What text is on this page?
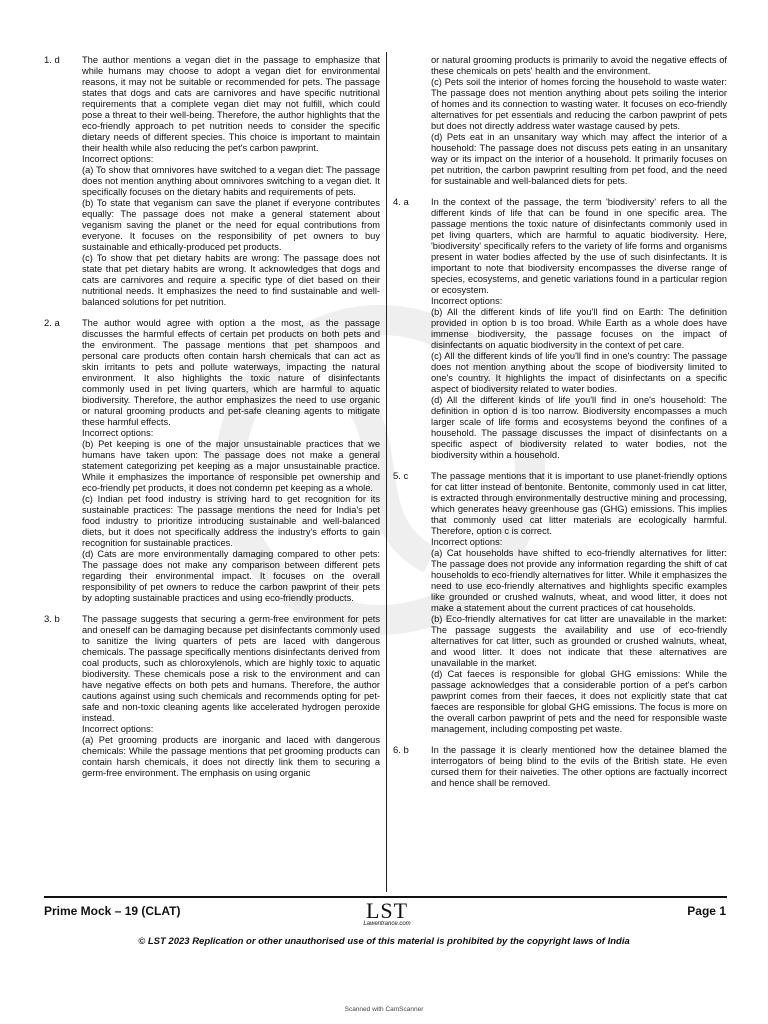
1. d	The author mentions a vegan diet in the passage to emphasize that while humans may choose to adopt a vegan diet for environmental reasons, it may not be suitable or recommended for pets. The passage states that dogs and cats are carnivores and have specific nutritional requirements that a complete vegan diet may not fulfill, which could pose a threat to their well-being. Therefore, the author highlights that the eco-friendly approach to pet nutrition needs to consider the specific dietary needs of different species. This choice is important to maintain their health while also reducing the pet's carbon pawprint.

Incorrect options:

(a) To show that omnivores have switched to a vegan diet: The passage does not mention anything about omnivores switching to a vegan diet. It specifically focuses on the dietary habits and requirements of pets.

(b) To state that veganism can save the planet if everyone contributes equally: The passage does not make a general statement about veganism saving the planet or the need for equal contributions from everyone. It focuses on the responsibility of pet owners to buy sustainable and ethically-produced pet products.

(c) To show that pet dietary habits are wrong: The passage does not state that pet dietary habits are wrong. It acknowledges that dogs and cats are carnivores and require a specific type of diet based on their nutritional needs. It emphasizes the need to find sustainable and well-balanced solutions for pet nutrition.

2. a	The author would agree with option a the most, as the passage discusses the harmful effects of certain pet products on both pets and the environment. The passage mentions that pet shampoos and personal care products often contain harsh chemicals that can act as skin irritants to pets and pollute waterways, impacting the natural environment. It also highlights the toxic nature of disinfectants commonly used in pet living quarters, which are harmful to aquatic biodiversity. Therefore, the author emphasizes the need to use organic or natural grooming products and pet-safe cleaning agents to mitigate these harmful effects.

Incorrect options:

(b) Pet keeping is one of the major unsustainable practices that we humans have taken upon: The passage does not make a general statement categorizing pet keeping as a major unsustainable practice. While it emphasizes the importance of responsible pet ownership and eco-friendly pet products, it does not condemn pet keeping as a whole.

(c) Indian pet food industry is striving hard to get recognition for its sustainable practices: The passage mentions the need for India's pet food industry to prioritize introducing sustainable and well-balanced diets, but it does not specifically address the industry's efforts to gain recognition for sustainable practices.

(d) Cats are more environmentally damaging compared to other pets: The passage does not make any comparison between different pets regarding their environmental impact. It focuses on the overall responsibility of pet owners to reduce the carbon pawprint of their pets by adopting sustainable practices and using eco-friendly products.

3. b	The passage suggests that securing a germ-free environment for pets and oneself can be damaging because pet disinfectants commonly used to sanitize the living quarters of pets are laced with dangerous chemicals. The passage specifically mentions disinfectants derived from coal products, such as chloroxylenols, which are highly toxic to aquatic biodiversity. These chemicals pose a risk to the environment and can have negative effects on both pets and humans. Therefore, the author cautions against using such chemicals and recommends opting for pet-safe and non-toxic cleaning agents like accelerated hydrogen peroxide instead.

Incorrect options:

(a) Pet grooming products are inorganic and laced with dangerous chemicals: While the passage mentions that pet grooming products can contain harsh chemicals, it does not directly link them to securing a germ-free environment. The emphasis on using organic

or natural grooming products is primarily to avoid the negative effects of these chemicals on pets' health and the environment.

(c) Pets soil the interior of homes forcing the household to waste water: The passage does not mention anything about pets soiling the interior of homes and its connection to wasting water. It focuses on eco-friendly alternatives for pet essentials and reducing the carbon pawprint of pets but does not directly address water wastage caused by pets.

(d) Pets eat in an unsanitary way which may affect the interior of a household: The passage does not discuss pets eating in an unsanitary way or its impact on the interior of a household. It primarily focuses on pet nutrition, the carbon pawprint resulting from pet food, and the need for sustainable and well-balanced diets for pets.

4. a	In the context of the passage, the term 'biodiversity' refers to all the different kinds of life that can be found in one specific area. The passage mentions the toxic nature of disinfectants commonly used in pet living quarters, which are harmful to aquatic biodiversity. Here, 'biodiversity' specifically refers to the variety of life forms and organisms present in water bodies affected by the use of such disinfectants. It is important to note that biodiversity encompasses the diverse range of species, ecosystems, and genetic variations found in a particular region or ecosystem.

Incorrect options:

(b) All the different kinds of life you'll find on Earth: The definition provided in option b is too broad. While Earth as a whole does have immense biodiversity, the passage focuses on the impact of disinfectants on aquatic biodiversity in the context of pet care.

(c) All the different kinds of life you'll find in one's country: The passage does not mention anything about the scope of biodiversity limited to one's country. It highlights the impact of disinfectants on a specific aspect of biodiversity related to water bodies.

(d) All the different kinds of life you'll find in one's household: The definition in option d is too narrow. Biodiversity encompasses a much larger scale of life forms and ecosystems beyond the confines of a household. The passage discusses the impact of disinfectants on a specific aspect of biodiversity related to water bodies, not the biodiversity within a household.

5. c	The passage mentions that it is important to use planet-friendly options for cat litter instead of bentonite. Bentonite, commonly used in cat litter, is extracted through environmentally destructive mining and processing, which generates heavy greenhouse gas (GHG) emissions. This implies that commonly used cat litter materials are ecologically harmful. Therefore, option c is correct.

Incorrect options:

(a) Cat households have shifted to eco-friendly alternatives for litter: The passage does not provide any information regarding the shift of cat households to eco-friendly alternatives for litter. While it emphasizes the need to use eco-friendly alternatives and highlights specific examples like grounded or crushed walnuts, wheat, and wood litter, it does not make a statement about the current practices of cat households.

(b) Eco-friendly alternatives for cat litter are unavailable in the market: The passage suggests the availability and use of eco-friendly alternatives for cat litter, such as grounded or crushed walnuts, wheat, and wood litter. It does not indicate that these alternatives are unavailable in the market.

(d) Cat faeces is responsible for global GHG emissions: While the passage acknowledges that a considerable portion of a pet's carbon pawprint comes from their faeces, it does not explicitly state that cat faeces are responsible for global GHG emissions. The focus is more on the overall carbon pawprint of pets and the need for responsible waste management, including composting pet waste.

6. b	In the passage it is clearly mentioned how the detainee blamed the interrogators of being blind to the evils of the British state. He even cursed them for their naiveties. The other options are factually incorrect and hence shall be removed.

Prime Mock – 19 (CLAT)	LST
Lawentrance.com
Page 1
© LST 2023 Replication or other unauthorised use of this material is prohibited by the copyright laws of India
Scanned with CamScanner
